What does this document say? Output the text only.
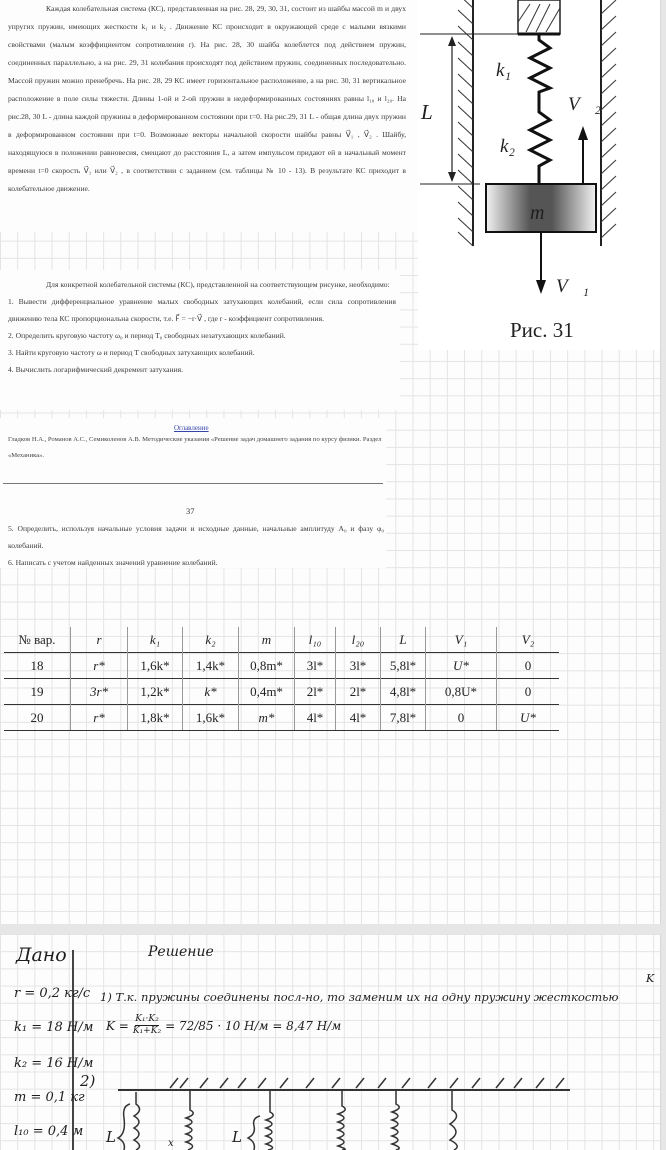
Каждая колебательная система (КС), представленная на рис. 28, 29, 30, 31, состоит из шайбы массой m и двух упругих пружин, имеющих жесткости k₁ и k₂ . Движение КС происходит в окружающей среде с малыми вязкими свойствами (малым коэффициентом сопротивления r). На рис. 28, 30 шайба колеблется под действием пружин, соединенных параллельно, а на рис. 29, 31 колебания происходят под действием пружин, соединенных последовательно. Массой пружин можно пренебречь. На рис. 28, 29 КС имеет горизонтальное расположение, а на рис. 30, 31 вертикальное расположение в поле силы тяжести. Длины 1-ой и 2-ой пружин в недеформированных состояниях равны l₁₀ и l₂₀. На рис.28, 30 L - длина каждой пружины в деформированном состоянии при t=0. На рис.29, 31 L - общая длина двух пружин в деформированном состоянии при t=0. Возможные векторы начальной скорости шайбы равны V⃗₁ , V⃗₂ . Шайбу, находящуюся в положении равновесия, смещают до расстояния L, а затем импульсом придают ей в начальный момент времени t=0 скорость V⃗₁ или V⃗₂ , в соответствии с заданием (см. таблицы № 10 - 13). В результате КС приходит в колебательное движение.

k₁
k₂
L
m
V⃗₂
V⃗₁
Рис. 31

Для конкретной колебательной системы (КС), представленной на соответствующем рисунке, необходимо:

1. Вывести дифференциальное уравнение малых свободных затухающих колебаний, если сила сопротивления движению тела КС пропорциональна скорости, т.е. F⃗ = −r·V⃗ , где r - коэффициент сопротивления.

2. Определить круговую частоту ω₀ и период T₀ свободных незатухающих колебаний.

3. Найти круговую частоту ω и период T свободных затухающих колебаний.

4. Вычислить логарифмический декремент затухания.

Оглавление
Гладков Н.А., Романов А.С., Семиколенов А.В. Методические указания «Решение задач домашнего задания по курсу физики. Раздел «Механика».
37

5. Определить, используя начальные условия задачи и исходные данные, начальные амплитуду A₀ и фазу φ₀ колебаний.

6. Написать с учетом найденных значений уравнение колебаний.

№ вар.	r	k₁	k₂	m	l₁₀	l₂₀	L	V₁	V₂
18	r*	1,6k*	1,4k*	0,8m*	3l*	3l*	5,8l*	U*	0
19	3r*	1,2k*	k*	0,4m*	2l*	2l*	4,8l*	0,8U*	0
20	r*	1,8k*	1,6k*	m*	4l*	4l*	7,8l*	0	U*
Дано	Решение
r = 0,2 кг/с
k₁ = 18 Н/м
k₂ = 16 Н/м
m = 0,1 кг
l₁₀ = 0,4 м
1) Т.к. пружины соединены посл-но, то заменим их на одну пружину жесткостью
K
$K = \frac{\text{K₁·K₂}}{\text{K₁+K₂}} = 72/85 \cdot 10$ Н/м = 8,47 Н/м
2)
L	x	L
